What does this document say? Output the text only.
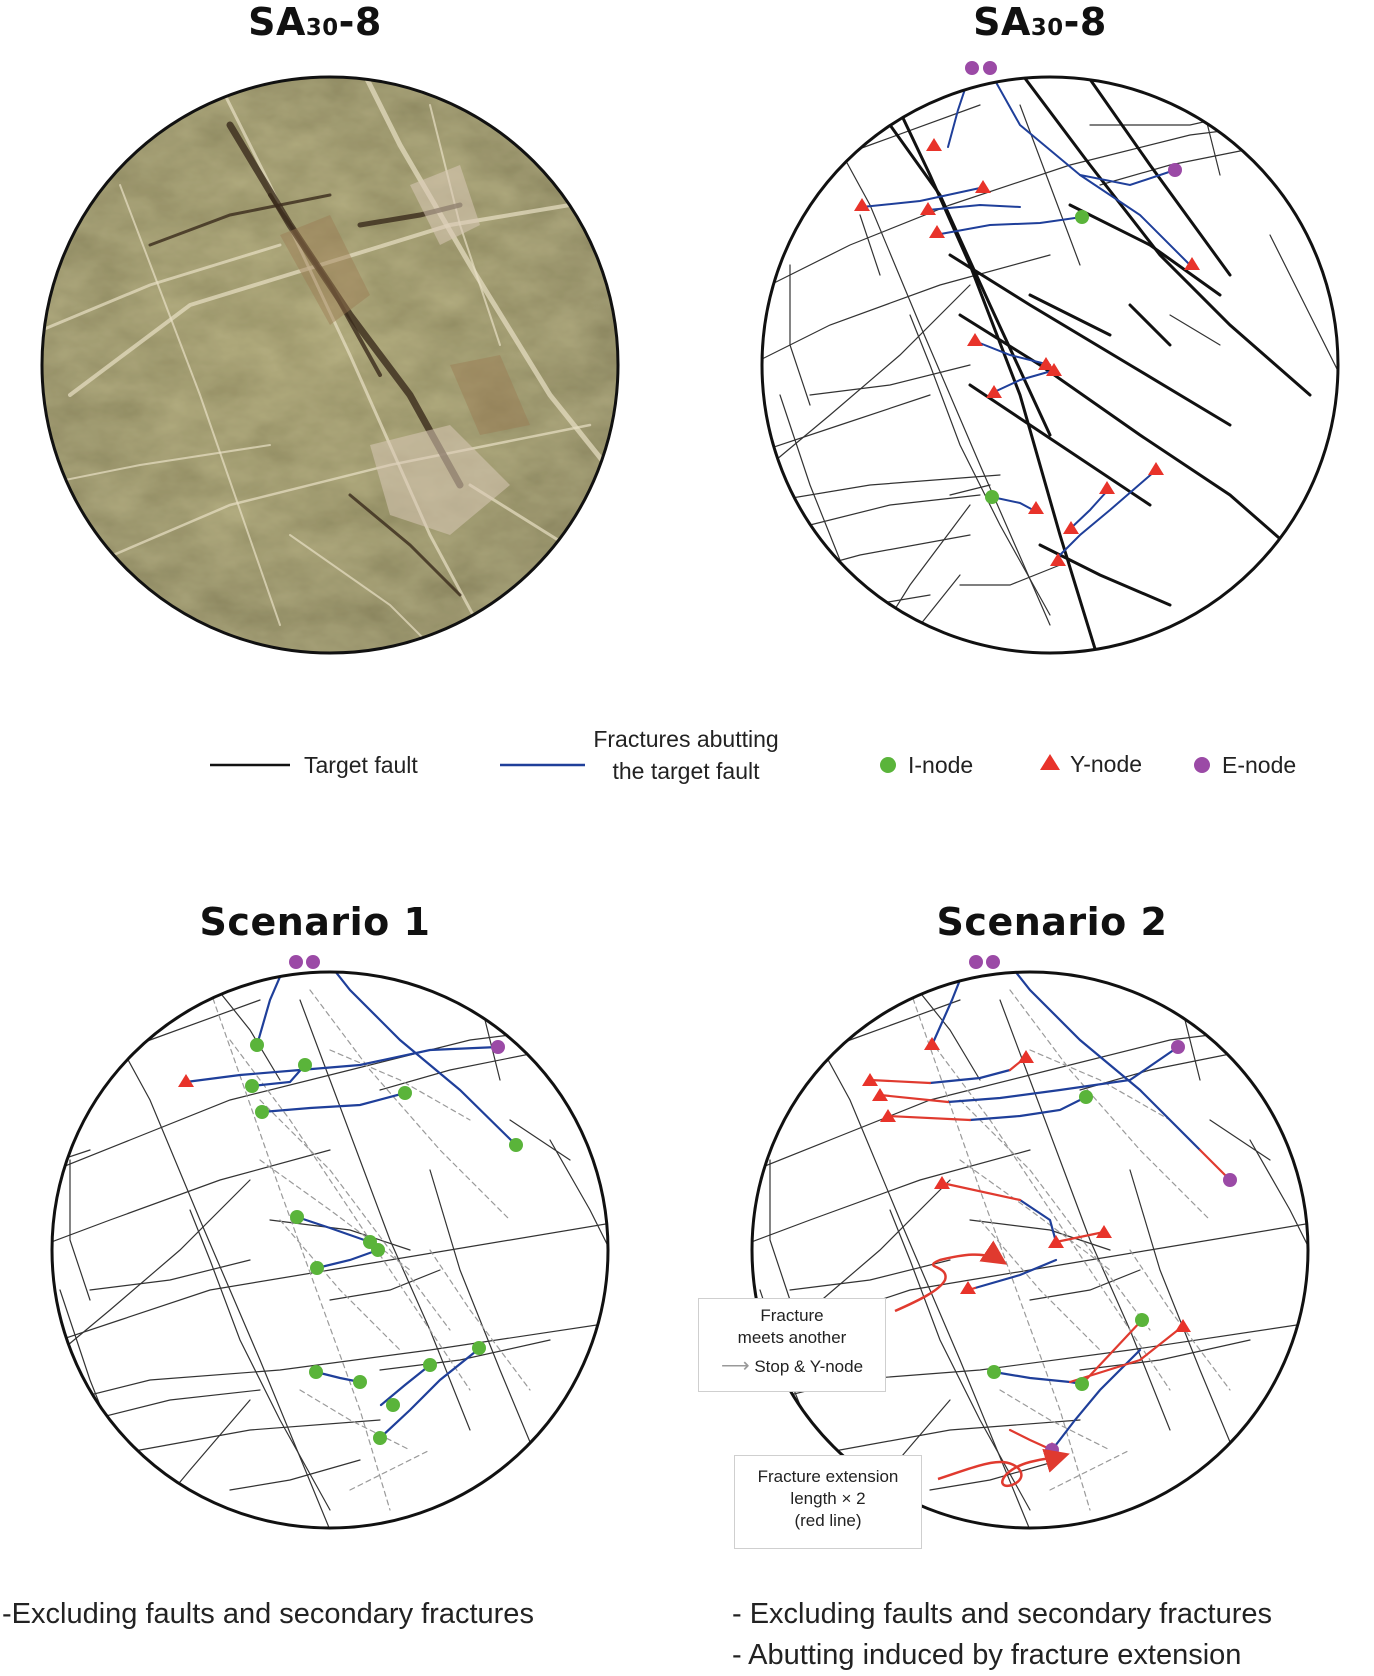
SA30-8	SA30-8
Scenario 1	Scenario 2
Target fault
Fractures abutting
the target fault	I-node	Y-node	E-node
Fracture
meets another
⟶ Stop & Y-node
Fracture extension
length × 2
(red line)
-Excluding faults and secondary fractures	- Excluding faults and secondary fractures
- Abutting induced by fracture extension
